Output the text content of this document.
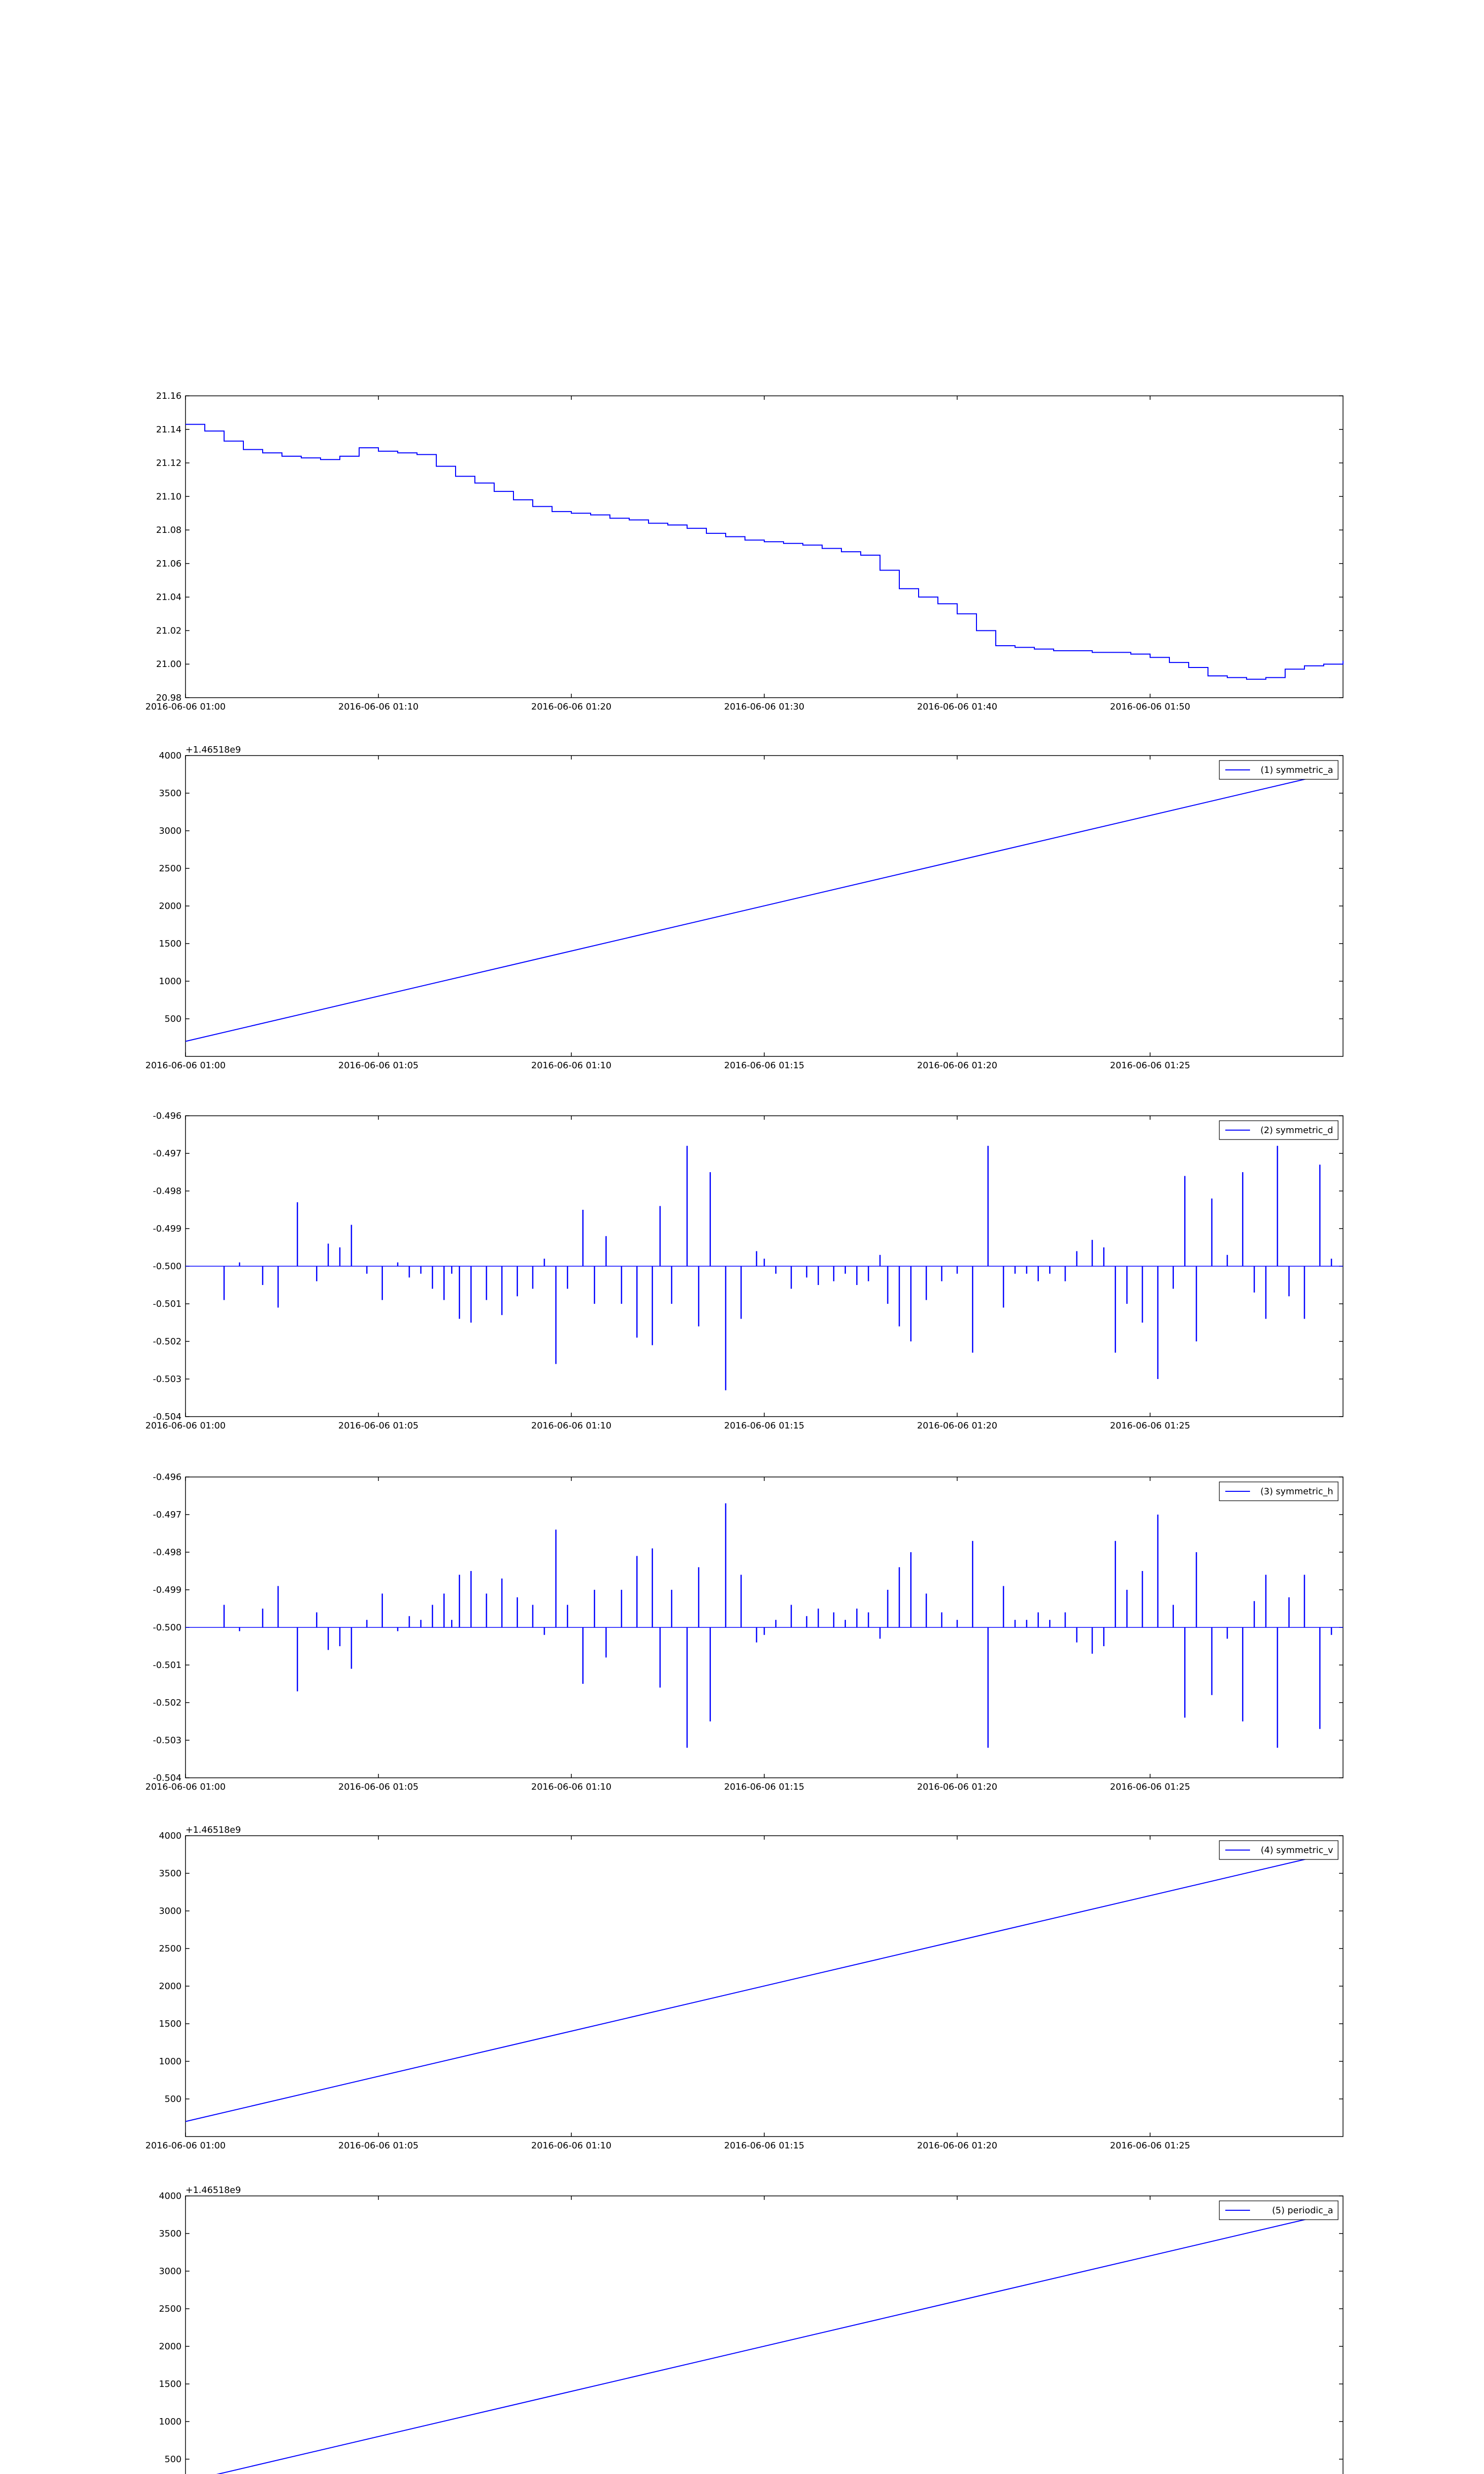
21.16
21.14
21.12
21.10
21.08
21.06
21.04
21.02
21.00
20.98
2016-06-06 01:00	2016-06-06 01:10	2016-06-06 01:20	2016-06-06 01:30	2016-06-06 01:40	2016-06-06 01:50
4000
3500
3000
2500
2000
1500
1000
500
2016-06-06 01:00	2016-06-06 01:05	2016-06-06 01:10	2016-06-06 01:15	2016-06-06 01:20	2016-06-06 01:25
+1.46518e9
(1) symmetric_a
-0.496
-0.497
-0.498
-0.499
-0.500
-0.501
-0.502
-0.503
-0.504
2016-06-06 01:00	2016-06-06 01:05	2016-06-06 01:10	2016-06-06 01:15	2016-06-06 01:20	2016-06-06 01:25
(2) symmetric_d
-0.496
-0.497
-0.498
-0.499
-0.500
-0.501
-0.502
-0.503
-0.504
2016-06-06 01:00	2016-06-06 01:05	2016-06-06 01:10	2016-06-06 01:15	2016-06-06 01:20	2016-06-06 01:25
(3) symmetric_h
4000
3500
3000
2500
2000
1500
1000
500
2016-06-06 01:00	2016-06-06 01:05	2016-06-06 01:10	2016-06-06 01:15	2016-06-06 01:20	2016-06-06 01:25
+1.46518e9
(4) symmetric_v
4000
3500
3000
2500
2000
1500
1000
500
+1.46518e9
(5) periodic_a
